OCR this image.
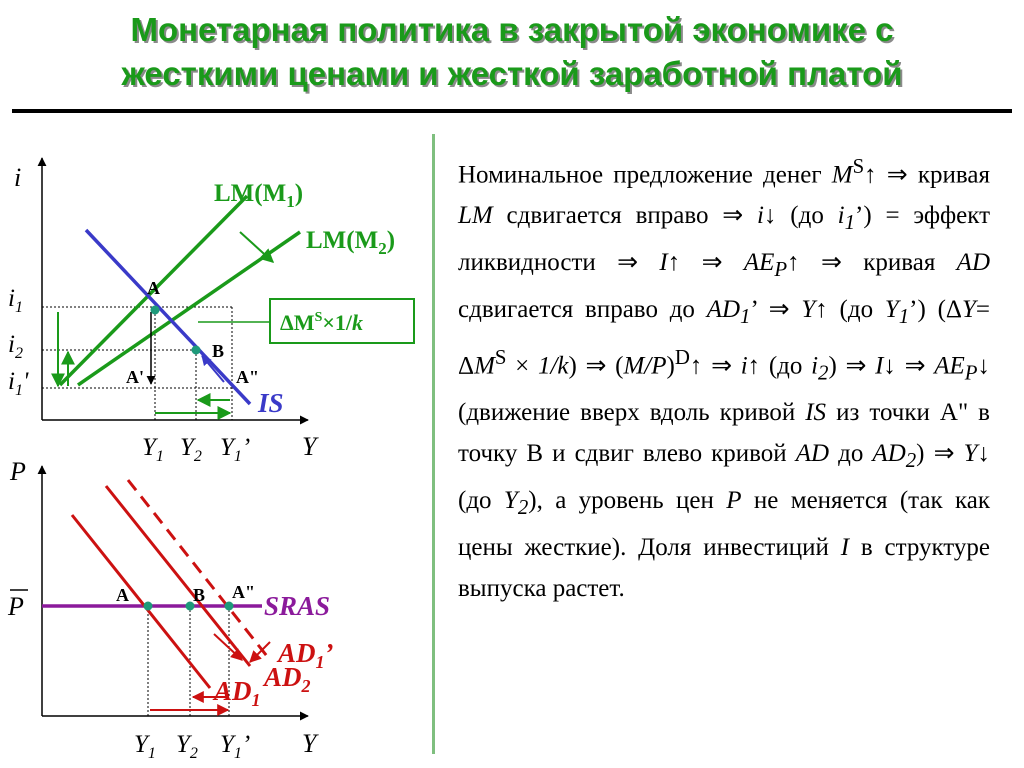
Монетарная политика в закрытой экономике с
жесткими ценами и жесткой заработной платой
i
Y
$LM(M_1)$
$LM(M_2)$
IS
$\Delta M^S\times 1/k$
$i_1$
$i_2$
$i_1'$
A
B
A'	A"
$Y_1$ $Y_2$ $Y_1$’
P
Y
P	SRAS
$AD_1$’
$AD_2$
$AD_1$
A	B A"
$Y_1$ $Y_2$ $Y_1$’
Номинальное предложение денег $M^S↑$ ⇒ кривая LM сдвигается вправо ⇒ i↓ (до $i_1$’) = эффект ликвидности ⇒ I↑ ⇒ $AE_P↑$ ⇒ кривая AD сдвигается вправо до $AD_1$’ ⇒ Y↑ (до $Y_1$’) $(\Delta Y= \Delta M^S \times 1/k)$ ⇒ $(M/P)^D↑$ ⇒ i↑ (до $i_2$) ⇒ I↓ ⇒ $AE_P↓$ (движение вверх вдоль кривой IS из точки А" в точку В и сдвиг влево кривой AD до $AD_2$) ⇒ Y↓ (до $Y_2$), а уровень цен P не меняется (так как цены жесткие). Доля инвестиций I в структуре выпуска растет.
